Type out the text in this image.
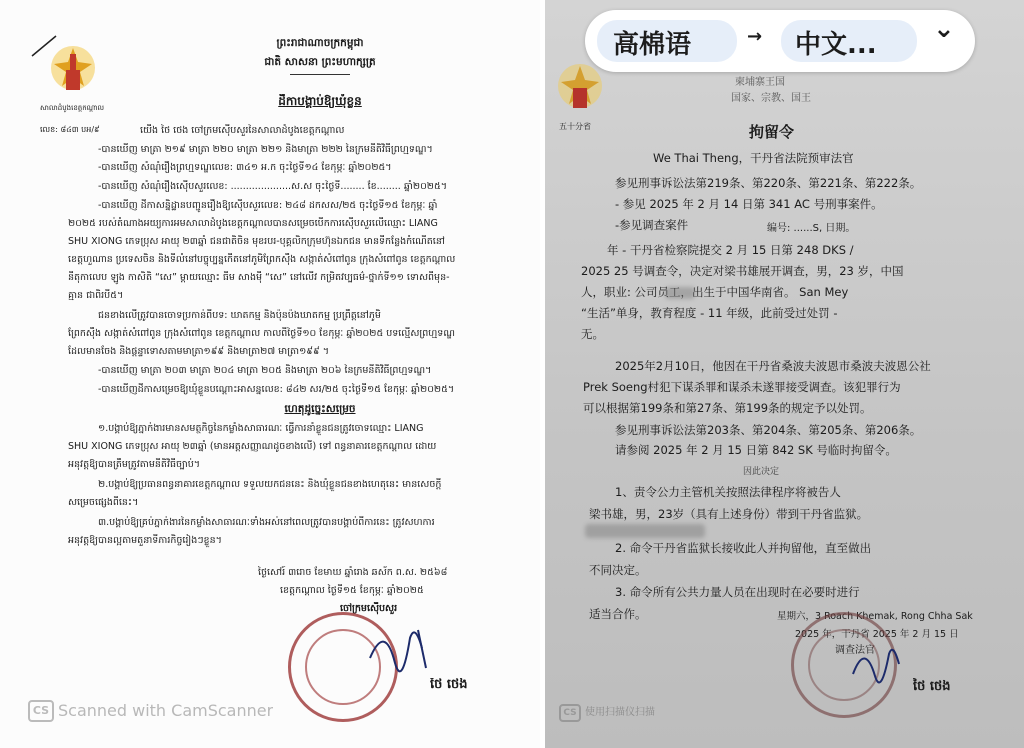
សាលាដំបូងខេត្តកណ្តាល
លេខ: ៨៤៣ បអ/៩
ព្រះរាជាណាចក្រកម្ពុជា
ជាតិ សាសនា ព្រះមហាក្សត្រ
ដីកាបង្គាប់ឱ្យឃុំខ្លួន
យើង ថៃ ថេង ចៅក្រមស៊ើបសួរនៃសាលាដំបូងខេត្តកណ្តាល
-បានឃើញ មាត្រា ២១៩ មាត្រា ២២០ មាត្រា ២២១ និងមាត្រា ២២២ នៃក្រមនីតិវិធីព្រហ្មទណ្ឌ។
-បានឃើញ សំណុំរឿងព្រហ្មទណ្ឌលេខ: ៣៤១ អ.ក ចុះថ្ងៃទី១៤ ខែកុម្ភៈ ឆ្នាំ២០២៥។
-បានឃើញ សំណុំរឿងស៊ើបសួរលេខ: ....................ស.ស ចុះថ្ងៃទី........ ខែ........ ឆ្នាំ២០២៥។
-បានឃើញ ដីកាសន្និដ្ឋានបញ្ជូនរឿងឱ្យស៊ើបសួរលេខ: ២៤៨ ដកសស/២៥ ចុះថ្ងៃទី១៥ ខែកុម្ភៈ ឆ្នាំ
២០២៥ របស់តំណាងអយ្យការអមសាលាដំបូងខេត្តកណ្តាលបានសម្រេចបើកការស៊ើបសួរលើឈ្មោះ LIANG
SHU XIONG ភេទប្រុស អាយុ ២៣ឆ្នាំ ជនជាតិចិន មុខរបរ-បុគ្គលិកក្រុមហ៊ុនឯកជន មានទីកន្លែងកំណើតនៅ
ខេត្តហួណាន ប្រទេសចិន និងទីលំនៅបច្ចុប្បន្នកើតនៅភូមិព្រែកស៊ឹង សង្កាត់សំពៅពូន ក្រុងសំពៅពូន ខេត្តកណ្តាល
នីតុកាលេប ឡូង កាសិតិ “សេ” ម្តាយឈ្មោះ ធីម សាងមុី “សេ” នៅលើវ កម្រិតវប្បធម៌-ថ្នាក់ទី១១ ទោសពីមុន-
គ្មាន ជាពិរបី៥។
ជនខាងលើត្រូវបានចោទប្រកាន់ពីបទ: ឃាតកម្ម និងប៉ុនប៉ងឃាតកម្ម ប្រព្រឹត្តនៅភូមិ
ព្រែកស៊ឹង សង្កាត់សំពៅពូន ក្រុងសំពៅពូន ខេត្តកណ្តាល កាលពីថ្ងៃទី១០ ខែកុម្ភៈ ឆ្នាំ២០២៥ បទល្មើសព្រហ្មទណ្ឌ
ដែលមានចែង និងផ្តន្ទាទោសតាមមាត្រា១៩៩ និងមាត្រា២៧ មាត្រា១៩៩ ។
-បានឃើញ មាត្រា ២០៣ មាត្រា ២០៤ មាត្រា ២០៥ និងមាត្រា ២០៦ នៃក្រមនីតិវិធីព្រហ្មទណ្ឌ។
-បានឃើញដីកាសម្រេចឱ្យឃុំខ្លួនបណ្តោះអាសន្នលេខ: ៨៤២ សរ/២៥ ចុះថ្ងៃទី១៥ ខែកុម្ភៈ ឆ្នាំ២០២៥។
ហេតុដូច្នេះសម្រេច
១.បង្គាប់ឱ្យភ្នាក់ងារមានសមត្ថកិច្ចនៃកម្លាំងសាធារណៈ ធ្វើការនាំខ្លួនជនត្រូវចោទឈ្មោះ LIANG
SHU XIONG ភេទប្រុស អាយុ ២៣ឆ្នាំ (មានអត្តសញ្ញាណដូចខាងលើ) ទៅ ពន្ធនាគារខេត្តកណ្តាល ដោយ
អនុវត្តឱ្យបានត្រឹមត្រូវតាមនីតិវិធីច្បាប់។
២.បង្គាប់ឱ្យប្រធានពន្ធនាគារខេត្តកណ្តាល ទទួលយកជននេះ និងឃុំខ្លួនជនខាងហេតុនេះ មានសេចក្តី
សម្រេចផ្សេងពីនេះ។
៣.បង្គាប់ឱ្យគ្រប់ភ្នាក់ងារនៃកម្លាំងសាធារណៈទាំងអស់នៅពេលត្រូវបានបង្គាប់ពីការនេះ ត្រូវសហការ
អនុវត្តឱ្យបានល្អតាមតួនាទីភារកិច្ចរៀងៗខ្លួន។
ថ្ងៃសៅរ៍ ៣រោច ខែមាឃ ឆ្នាំរោង ឆស័ក ព.ស. ២៥៦៨
ខេត្តកណ្តាល ថ្ងៃទី១៥ ខែកុម្ភៈ ឆ្នាំ២០២៥
ចៅក្រមស៊ើបសួរ
ថៃ ថេង
CS Scanned with CamScanner
高棉语	→ 中文...
⌄
五十分省
柬埔寨王国
国家、宗教、国王
拘留令
We Thai Theng，干丹省法院预审法官
参见刑事诉讼法第219条、第220条、第221条、第222条。
- 参见 2025 年 2 月 14 日第 341 AC 号刑事案件。
-参见调查案件	编号: ......S, 日期。
年 - 干丹省检察院提交 2 月 15 日第 248 DKS /
2025 25 号调查令，决定对梁书雄展开调查，男，23 岁，中国
人，职业: 公司员工，出生于中国华南省。 San Mey
“生活”单身，教育程度 - 11 年级，此前受过处罚 -
无。
2025年2月10日，他因在干丹省桑波夫波恩市桑波夫波恩公社
Prek Soeng村犯下谋杀罪和谋杀未遂罪接受调查。该犯罪行为
可以根据第199条和第27条、第199条的规定予以处罚。
参见刑事诉讼法第203条、第204条、第205条、第206条。
请参阅 2025 年 2 月 15 日第 842 SK 号临时拘留令。
因此决定
1、责令公力主管机关按照法律程序将被告人
梁书雄，男，23岁（具有上述身份）带到干丹省监狱。
2. 命令干丹省监狱长接收此人并拘留他，直至做出
不同决定。
3. 命令所有公共力量人员在出现时在必要时进行
适当合作。	星期六，3 Roach Khemak, Rong Chha Sak
2025 年，干丹省 2025 年 2 月 15 日
调查法官
ថៃ ថេង
CS 使用扫描仪扫描
